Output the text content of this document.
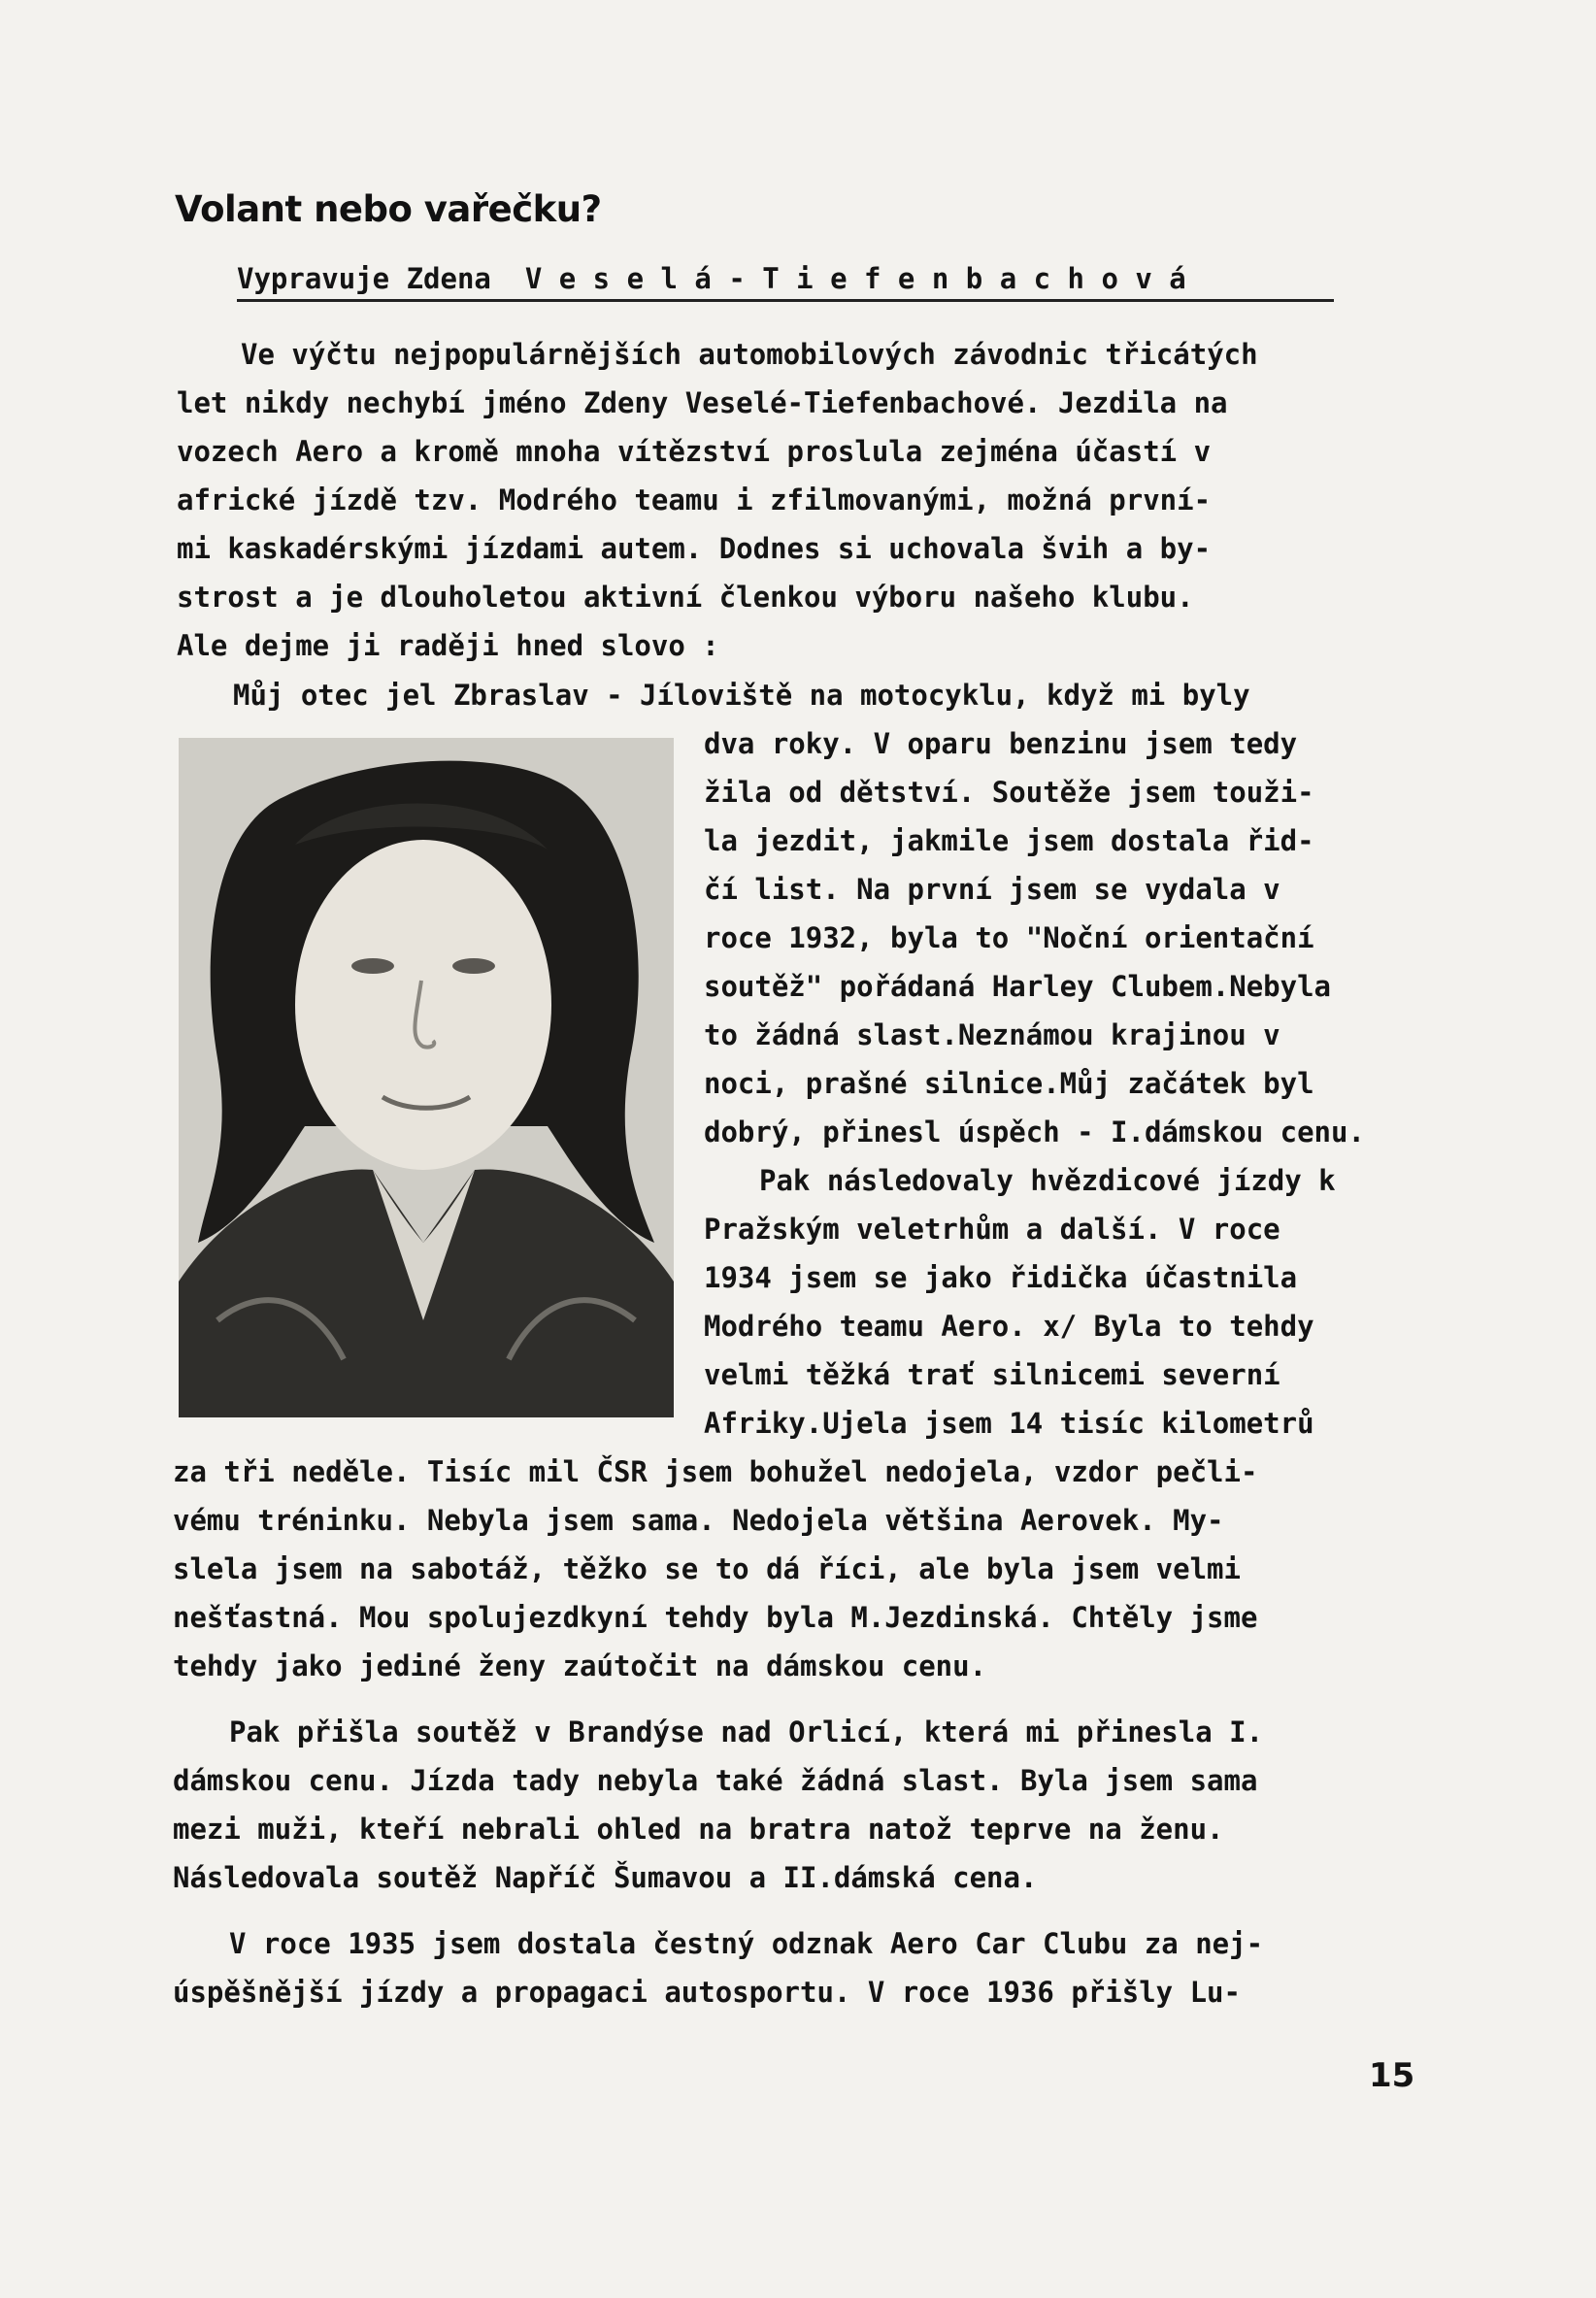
Volant nebo vařečku?
Vypravuje Zdena V e s e l á - T i e f e n b a c h o v á
Ve výčtu nejpopulárnějších automobilových závodnic třicátých
let nikdy nechybí jméno Zdeny Veselé-Tiefenbachové. Jezdila na
vozech Aero a kromě mnoha vítězství proslula zejména účastí v
africké jízdě tzv. Modrého teamu i zfilmovanými, možná první-
mi kaskadérskými jízdami autem. Dodnes si uchovala švih a by-
strost a je dlouholetou aktivní členkou výboru našeho klubu.
Ale dejme ji raději hned slovo :
Můj otec jel Zbraslav - Jíloviště na motocyklu, když mi byly
dva roky. V oparu benzinu jsem tedy
žila od dětství. Soutěže jsem touži-
la jezdit, jakmile jsem dostala řid-
čí list. Na první jsem se vydala v
roce 1932, byla to "Noční orientační
soutěž" pořádaná Harley Clubem.Nebyla
to žádná slast.Neznámou krajinou v
noci, prašné silnice.Můj začátek byl
dobrý, přinesl úspěch - I.dámskou cenu.
Pak následovaly hvězdicové jízdy k
Pražským veletrhům a další. V roce
1934 jsem se jako řidička účastnila
Modrého teamu Aero. x/ Byla to tehdy
velmi těžká trať silnicemi severní
Afriky.Ujela jsem 14 tisíc kilometrů
za tři neděle. Tisíc mil ČSR jsem bohužel nedojela, vzdor pečli-
vému tréninku. Nebyla jsem sama. Nedojela většina Aerovek. My-
slela jsem na sabotáž, těžko se to dá říci, ale byla jsem velmi
nešťastná. Mou spolujezdkyní tehdy byla M.Jezdinská. Chtěly jsme
tehdy jako jediné ženy zaútočit na dámskou cenu.
Pak přišla soutěž v Brandýse nad Orlicí, která mi přinesla I.
dámskou cenu. Jízda tady nebyla také žádná slast. Byla jsem sama
mezi muži, kteří nebrali ohled na bratra natož teprve na ženu.
Následovala soutěž Napříč Šumavou a II.dámská cena.
V roce 1935 jsem dostala čestný odznak Aero Car Clubu za nej-
úspěšnější jízdy a propagaci autosportu. V roce 1936 přišly Lu-
15
